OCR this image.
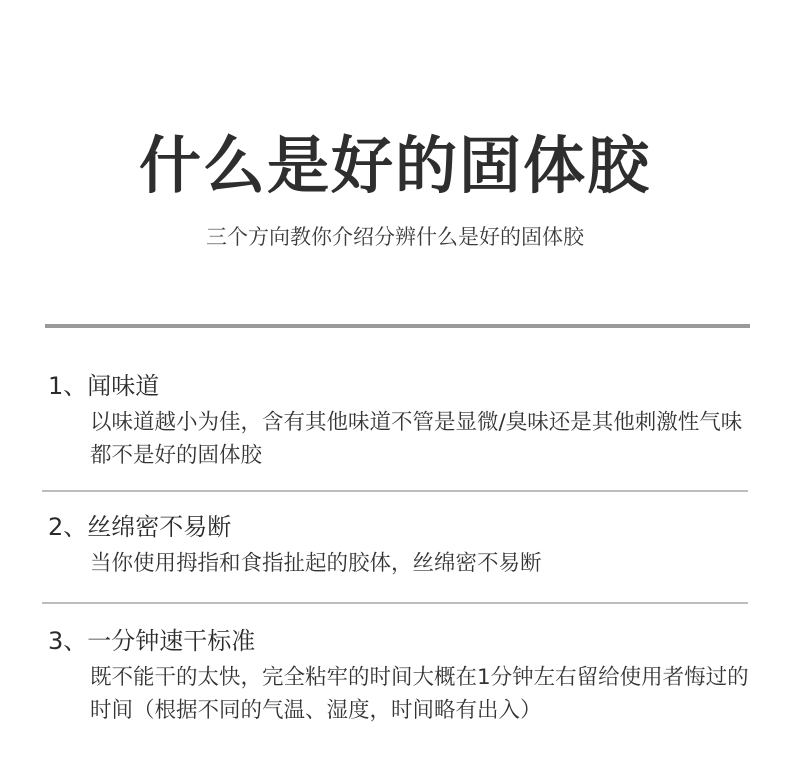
什么是好的固体胶

三个方向教你介绍分辨什么是好的固体胶

1、闻味道

以味道越小为佳，含有其他味道不管是显微/臭味还是其他刺激性气味都不是好的固体胶

2、丝绵密不易断

当你使用拇指和食指扯起的胶体，丝绵密不易断

3、一分钟速干标准

既不能干的太快，完全粘牢的时间大概在1分钟左右留给使用者悔过的时间（根据不同的气温、湿度，时间略有出入）
